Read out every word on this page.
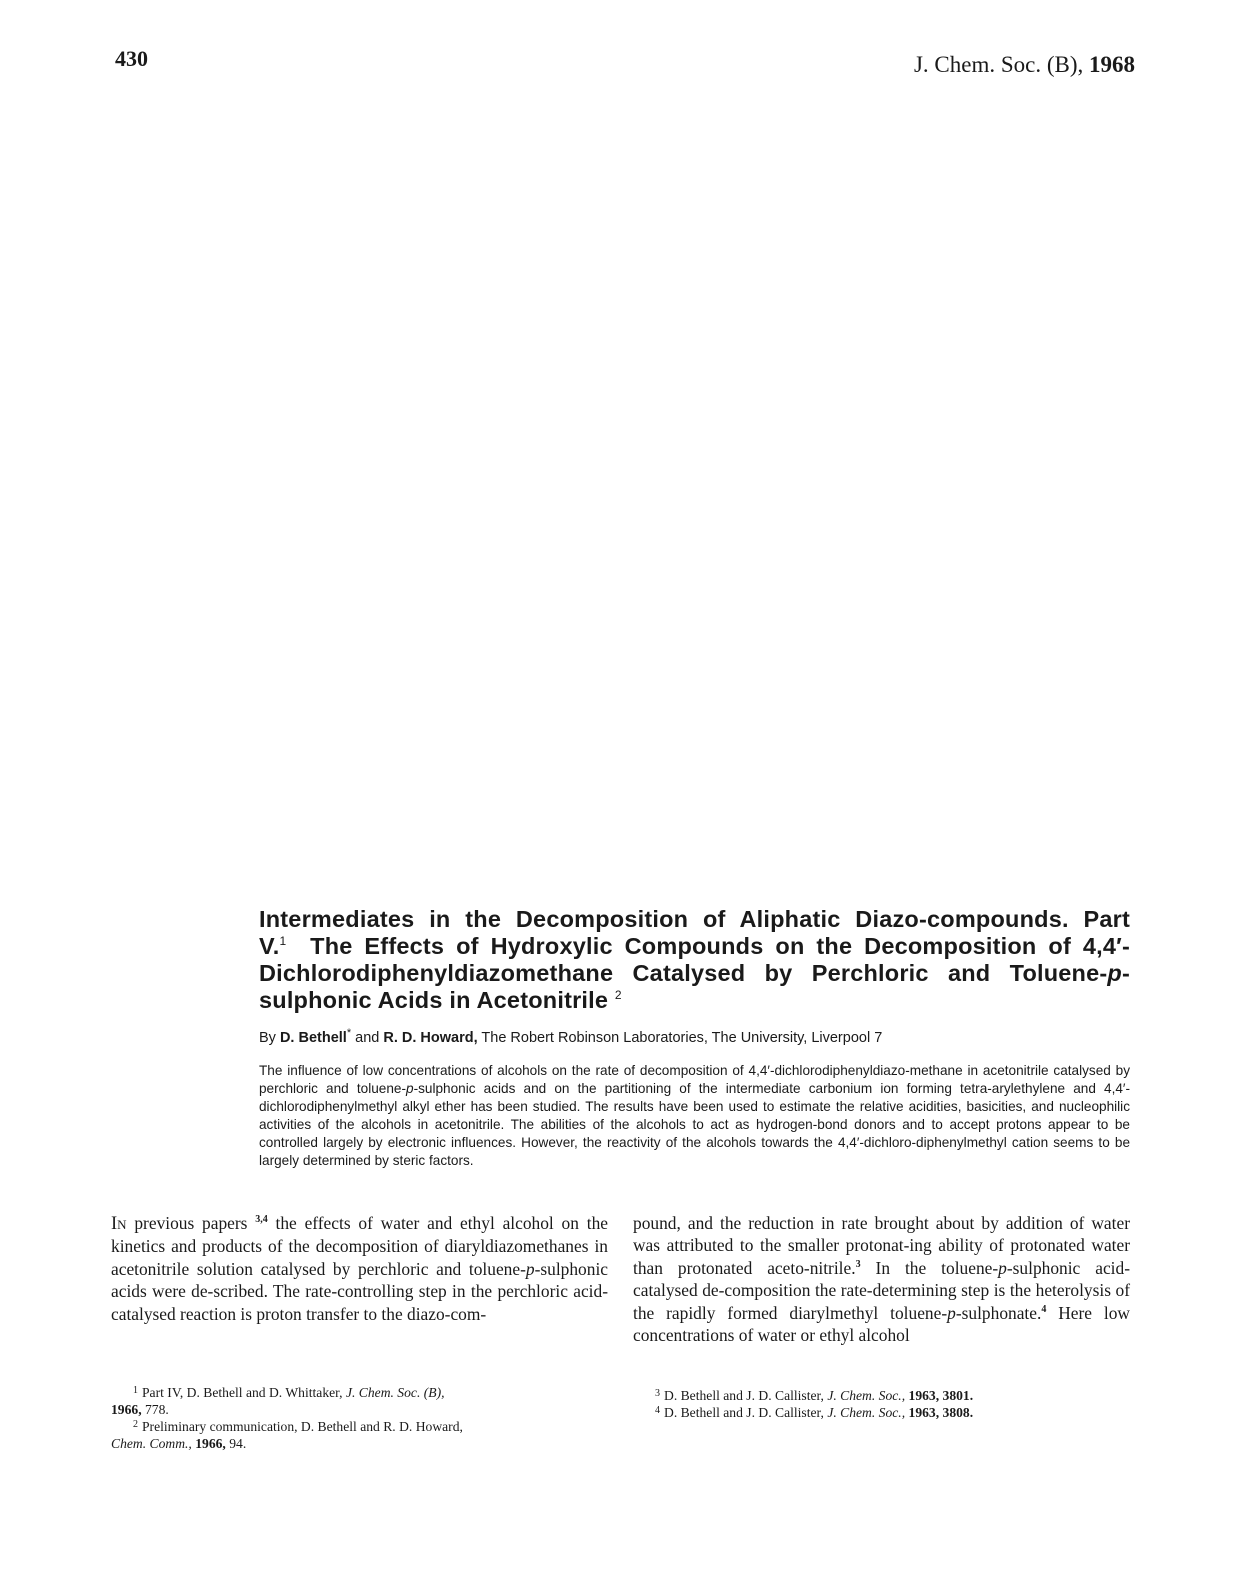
430	J. Chem. Soc. (B), 1968
Intermediates in the Decomposition of Aliphatic Diazo-compounds. Part V.$^1$ The Effects of Hydroxylic Compounds on the Decomposition of 4,4′-Dichlorodiphenyldiazomethane Catalysed by Perchloric and Toluene-p-sulphonic Acids in Acetonitrile $^2$
By D. Bethell* and R. D. Howard, The Robert Robinson Laboratories, The University, Liverpool 7

The influence of low concentrations of alcohols on the rate of decomposition of 4,4′-dichlorodiphenyldiazo-methane in acetonitrile catalysed by perchloric and toluene-p-sulphonic acids and on the partitioning of the intermediate carbonium ion forming tetra-arylethylene and 4,4′-dichlorodiphenylmethyl alkyl ether has been studied. The results have been used to estimate the relative acidities, basicities, and nucleophilic activities of the alcohols in acetonitrile. The abilities of the alcohols to act as hydrogen-bond donors and to accept protons appear to be controlled largely by electronic influences. However, the reactivity of the alcohols towards the 4,4′-dichloro-diphenylmethyl cation seems to be largely determined by steric factors.

In previous papers $^{3,4}$ the effects of water and ethyl alcohol on the kinetics and products of the decomposition of diaryldiazomethanes in acetonitrile solution catalysed by perchloric and toluene-p-sulphonic acids were de-scribed. The rate-controlling step in the perchloric acid-catalysed reaction is proton transfer to the diazo-com-

pound, and the reduction in rate brought about by addition of water was attributed to the smaller protonat-ing ability of protonated water than protonated aceto-nitrile.$^3$ In the toluene-p-sulphonic acid-catalysed de-composition the rate-determining step is the heterolysis of the rapidly formed diarylmethyl toluene-p-sulphonate.$^4$ Here low concentrations of water or ethyl alcohol

1 Part IV, D. Bethell and D. Whittaker, J. Chem. Soc. (B),
1966, 778.

2 Preliminary communication, D. Bethell and R. D. Howard,
Chem. Comm., 1966, 94.

3 D. Bethell and J. D. Callister, J. Chem. Soc., 1963, 3801.

4 D. Bethell and J. D. Callister, J. Chem. Soc., 1963, 3808.
